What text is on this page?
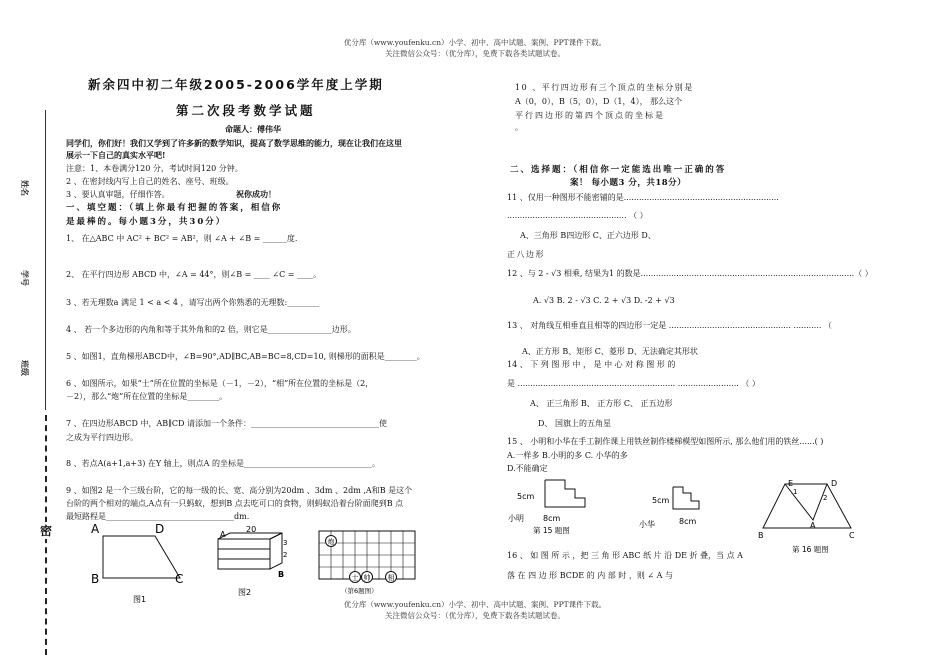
优分库（www.youfenku.cn）小学、初中、高中试题、案例、PPT课件下载。
关注微信公众号：（优分库），免费下载各类试题试卷。
优分库（www.youfenku.cn）小学、初中、高中试题、案例、PPT课件下载。
关注微信公众号：（优分库），免费下载各类试题试卷。
姓名
学号
班级
密
新余四中初二年级2005-2006学年度上学期
第二次段考数学试题
命题人：傅伟华
同学们，你们好！我们又学到了许多新的数学知识，提高了数学思维的能力，现在让我们在这里
展示一下自己的真实水平吧!
注意：1、本卷满分120 分，考试时间120 分钟。
2 、在密封线内写上自己的姓名、座号、班级。
3 、要认真审题，仔细作答。	祝你成功！
一、填空题：（填上你最有把握的答案，相信你
是最棒的。每小题3分，共30分）
1、 在△ABC 中 AC² + BC² = AB²，则 ∠A + ∠B = ______度.
2、 在平行四边形 ABCD 中，∠A = 44°，则∠B = ____ ∠C = ____。
3 、若无理数a 满足 1 < a < 4 ，请写出两个你熟悉的无理数:________
4 、 若一个多边形的内角和等于其外角和的2 倍，则它是________________边形。
5 、如图1，直角梯形ABCD中，∠B=90°,AD∥BC,AB=BC=8,CD=10, 则梯形的面积是________。
6 、如图所示，如果“士”所在位置的坐标是（－1，－2），“相”所在位置的坐标是（2，
－2），那么“炮”所在位置的坐标是________。
7 、在四边形ABCD 中，AB∥CD 请添加一个条件：________________________________使
之成为平行四边形。
8 、若点A(a+1,a+3) 在Y 轴上，则点A 的坐标是________________________________。
9 、如图2 是一个三级台阶，它的每一级的长、宽、高分别为20dm 、3dm 、2dm ,A和B 是这个
台阶的两个相对的端点,A点有一只蚂蚁，想到B 点去吃可口的食物，则蚂蚁沿着台阶面爬到B 点
最短路程是________________________________dm.
A	D
B	C
图1
A
20
3
2
B
图2
炮
士 帅 相
（第6题图）
10 、平行四边形有三个顶点的坐标分别是
A（0，0），B（5，0），D（1，4）， 那么这个
平行四边形的第四个顶点的坐标是
。
二、选择题：（相信你一定能选出唯一正确的答
案！ 每小题3 分，共18分）
11 、仅用一种图形不能密铺的是.............................................................
............................................... （ ）
A、三角形 B四边形 C、正六边形 D、
正八边形
12 、与 2 - √3 相乘, 结果为1 的数是....................................................................................（ ）
A. √3 B. 2 - √3 C. 2 + √3 D. -2 + √3
13 、 对角线互相垂直且相等的四边形一定是 ................................................ ........... （
A、正方形 B、矩形 C、菱形 D、无法确定其形状
14 、 下 列 图 形 中 ， 是 中 心 对 称 图 形 的
是 .............................................................. ........................ （ ）
A、 正三角形 B、 正方形 C、 正五边形
D、 国旗上的五角星
15 、 小明和小华在手工制作课上用铁丝制作楼梯模型如图所示, 那么他们用的铁丝......( )
A.一样多 B.小明的多 C. 小华的多
D.不能确定
5cm
8cm
小明
5cm
8cm
小华
第 15 题图
E	D
1
2
A
B	C
第 16 题图
16 、 如 图 所 示 ，把 三 角 形 ABC 纸 片 沿 DE 折 叠，当 点 A
落 在 四 边 形 BCDE 的 内 部 时 ，则 ∠ A 与
